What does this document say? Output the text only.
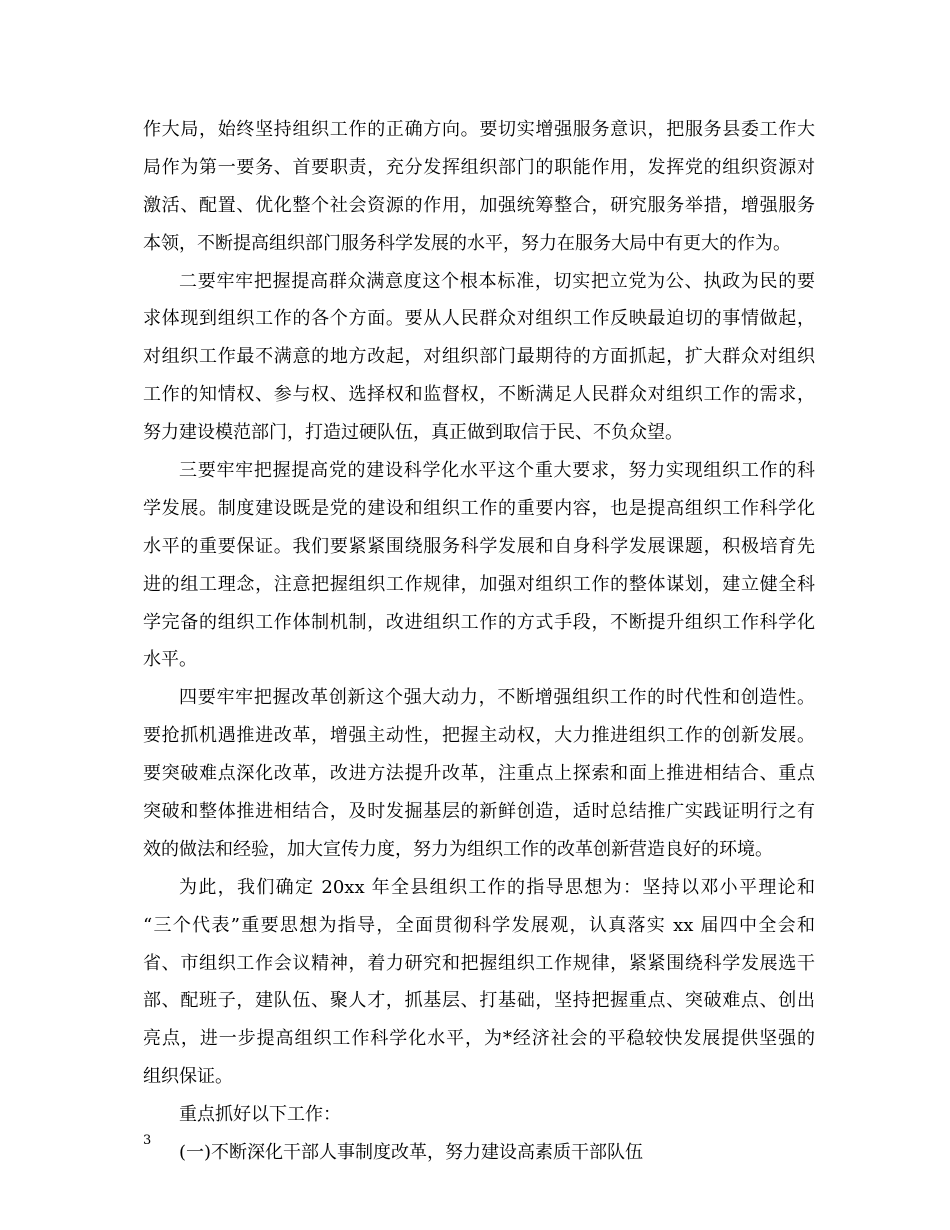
作大局，始终坚持组织工作的正确方向。要切实增强服务意识，把服务县委工作大
局作为第一要务、首要职责，充分发挥组织部门的职能作用，发挥党的组织资源对
激活、配置、优化整个社会资源的作用，加强统筹整合，研究服务举措，增强服务
本领，不断提高组织部门服务科学发展的水平，努力在服务大局中有更大的作为。
二要牢牢把握提高群众满意度这个根本标准，切实把立党为公、执政为民的要
求体现到组织工作的各个方面。要从人民群众对组织工作反映最迫切的事情做起，
对组织工作最不满意的地方改起，对组织部门最期待的方面抓起，扩大群众对组织
工作的知情权、参与权、选择权和监督权，不断满足人民群众对组织工作的需求，
努力建设模范部门，打造过硬队伍，真正做到取信于民、不负众望。
三要牢牢把握提高党的建设科学化水平这个重大要求，努力实现组织工作的科
学发展。制度建设既是党的建设和组织工作的重要内容，也是提高组织工作科学化
水平的重要保证。我们要紧紧围绕服务科学发展和自身科学发展课题，积极培育先
进的组工理念，注意把握组织工作规律，加强对组织工作的整体谋划，建立健全科
学完备的组织工作体制机制，改进组织工作的方式手段，不断提升组织工作科学化
水平。
四要牢牢把握改革创新这个强大动力，不断增强组织工作的时代性和创造性。
要抢抓机遇推进改革，增强主动性，把握主动权，大力推进组织工作的创新发展。
要突破难点深化改革，改进方法提升改革，注重点上探索和面上推进相结合、重点
突破和整体推进相结合，及时发掘基层的新鲜创造，适时总结推广实践证明行之有
效的做法和经验，加大宣传力度，努力为组织工作的改革创新营造良好的环境。
为此，我们确定 20xx 年全县组织工作的指导思想为：坚持以邓小平理论和
“三个代表”重要思想为指导，全面贯彻科学发展观，认真落实 xx 届四中全会和
省、市组织工作会议精神，着力研究和把握组织工作规律，紧紧围绕科学发展选干
部、配班子，建队伍、聚人才，抓基层、打基础，坚持把握重点、突破难点、创出
亮点，进一步提高组织工作科学化水平，为*经济社会的平稳较快发展提供坚强的
组织保证。
重点抓好以下工作：
(一)不断深化干部人事制度改革，努力建设高素质干部队伍
3
